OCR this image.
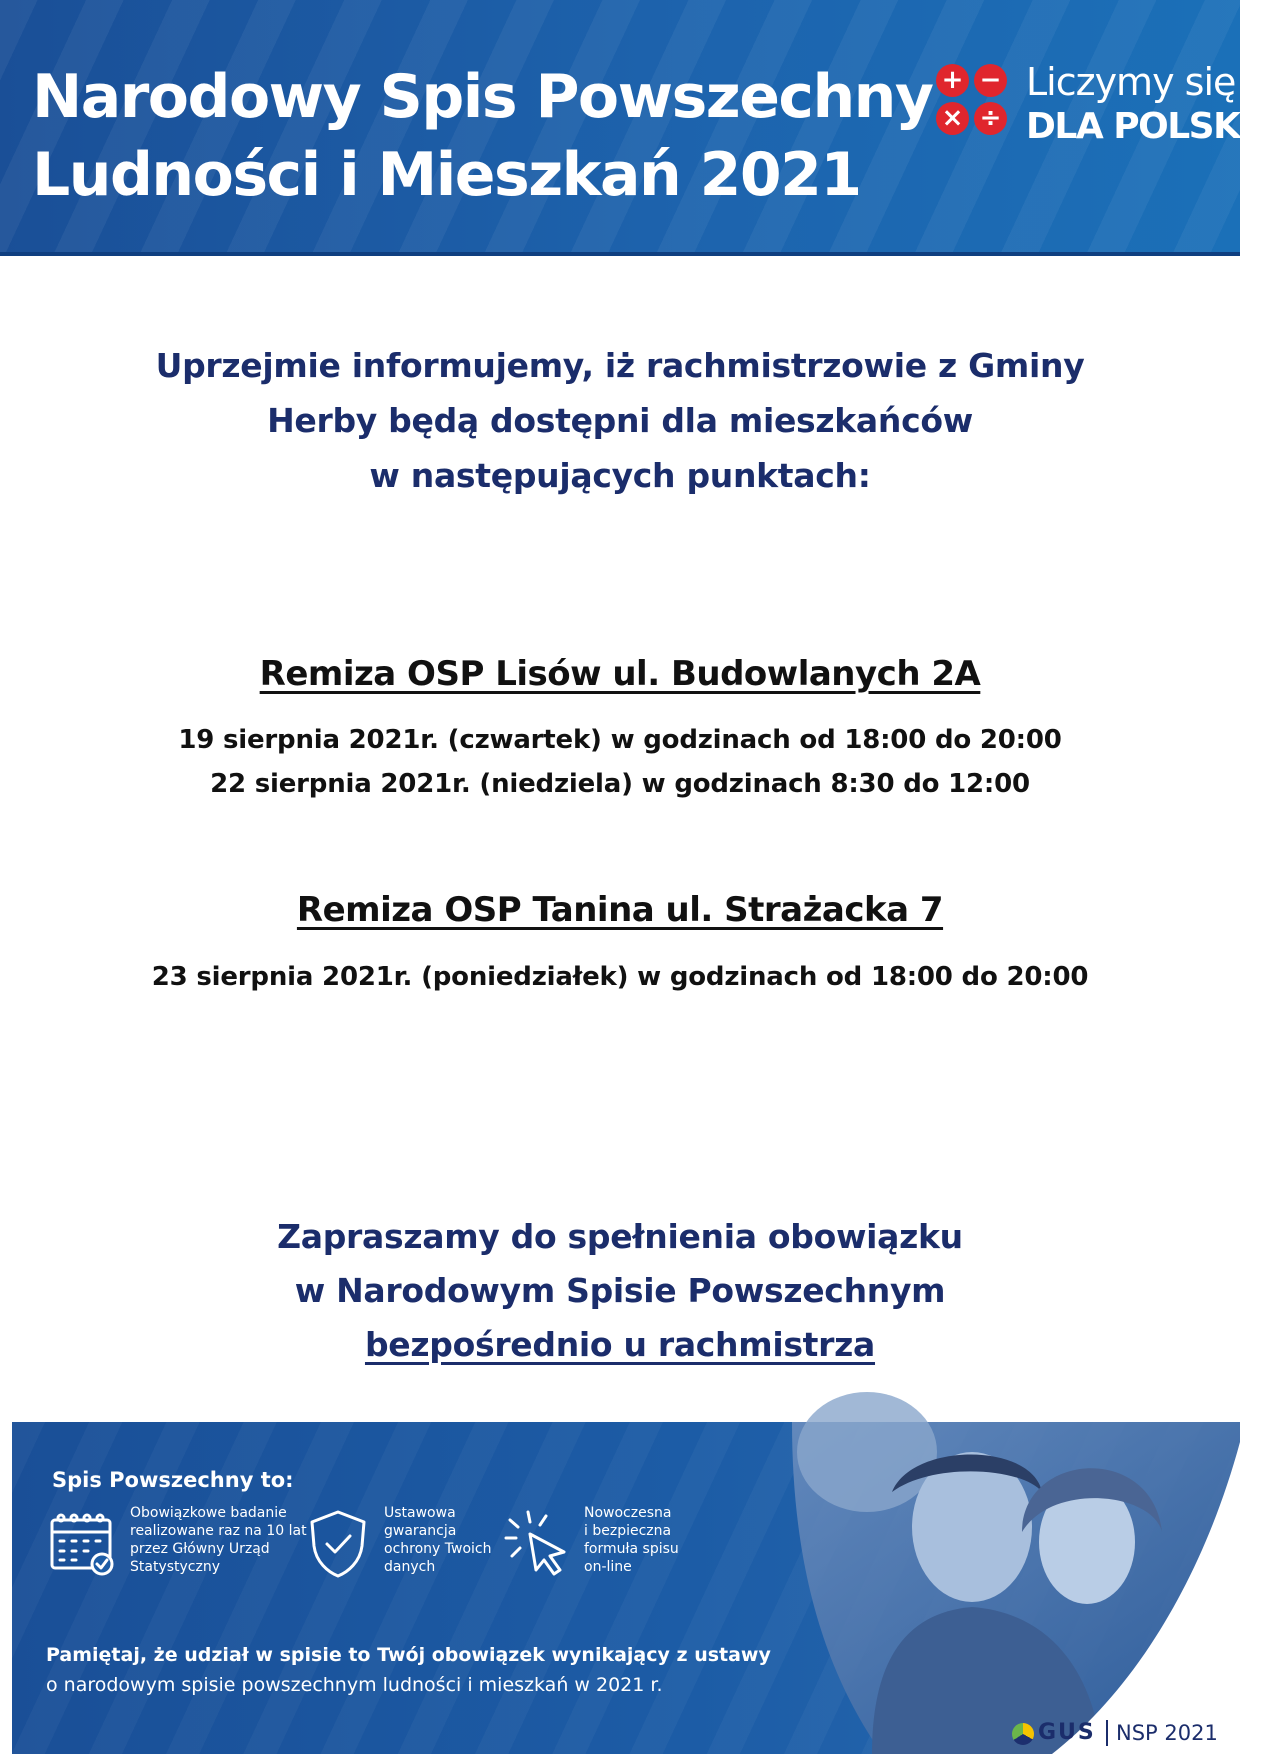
Narodowy Spis Powszechny
Ludności i Mieszkań 2021
+ −
× ÷
Liczymy się
DLA POLSKI!
Uprzejmie informujemy, iż rachmistrzowie z Gminy
Herby będą dostępni dla mieszkańców
w następujących punktach:
Remiza OSP Lisów ul. Budowlanych 2A
19 sierpnia 2021r. (czwartek) w godzinach od 18:00 do 20:00
22 sierpnia 2021r. (niedziela) w godzinach 8:30 do 12:00
Remiza OSP Tanina ul. Strażacka 7
23 sierpnia 2021r. (poniedziałek) w godzinach od 18:00 do 20:00
Zapraszamy do spełnienia obowiązku
w Narodowym Spisie Powszechnym
bezpośrednio u rachmistrza
Spis Powszechny to:
Obowiązkowe badanie
realizowane raz na 10 lat
przez Główny Urząd
Statystyczny
Ustawowa
gwarancja
ochrony Twoich
danych
Nowoczesna
i bezpieczna
formuła spisu
on-line
Pamiętaj, że udział w spisie to Twój obowiązek wynikający z ustawy
o narodowym spisie powszechnym ludności i mieszkań w 2021 r.
GUS NSP 2021
